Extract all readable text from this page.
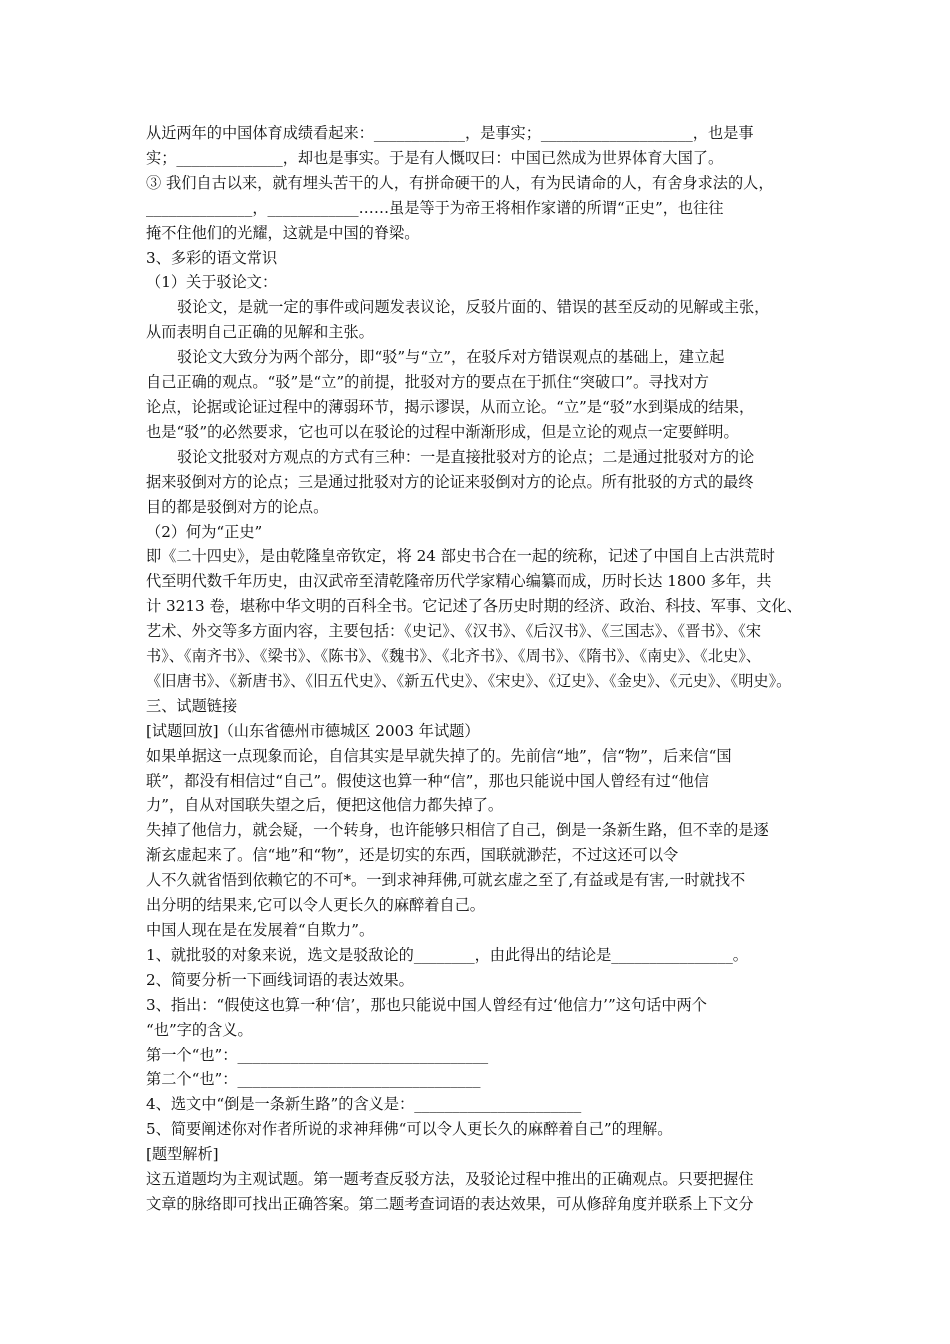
从近两年的中国体育成绩看起来：____________，是事实；____________________，也是事
实；______________，却也是事实。于是有人慨叹曰：中国已然成为世界体育大国了。
③ 我们自古以来，就有埋头苦干的人，有拼命硬干的人，有为民请命的人，有舍身求法的人，
______________，____________……虽是等于为帝王将相作家谱的所谓“正史”，也往往
掩不住他们的光耀，这就是中国的脊梁。
3、多彩的语文常识
（1）关于驳论文：
驳论文，是就一定的事件或问题发表议论，反驳片面的、错误的甚至反动的见解或主张，
从而表明自己正确的见解和主张。
驳论文大致分为两个部分，即“驳”与“立”，在驳斥对方错误观点的基础上，建立起
自己正确的观点。“驳”是“立”的前提，批驳对方的要点在于抓住“突破口”。寻找对方
论点，论据或论证过程中的薄弱环节，揭示谬误，从而立论。“立”是“驳”水到渠成的结果，
也是“驳”的必然要求，它也可以在驳论的过程中渐渐形成，但是立论的观点一定要鲜明。
驳论文批驳对方观点的方式有三种：一是直接批驳对方的论点；二是通过批驳对方的论
据来驳倒对方的论点；三是通过批驳对方的论证来驳倒对方的论点。所有批驳的方式的最终
目的都是驳倒对方的论点。
（2）何为“正史”
即《二十四史》，是由乾隆皇帝钦定，将 24 部史书合在一起的统称，记述了中国自上古洪荒时
代至明代数千年历史，由汉武帝至清乾隆帝历代学家精心编纂而成，历时长达 1800 多年，共
计 3213 卷，堪称中华文明的百科全书。它记述了各历史时期的经济、政治、科技、军事、文化、
艺术、外交等多方面内容，主要包括：《史记》、《汉书》、《后汉书》、《三国志》、《晋书》、《宋
书》、《南齐书》、《梁书》、《陈书》、《魏书》、《北齐书》、《周书》、《隋书》、《南史》、《北史》、
《旧唐书》、《新唐书》、《旧五代史》、《新五代史》、《宋史》、《辽史》、《金史》、《元史》、《明史》。
三、试题链接
[试题回放]（山东省德州市德城区 2003 年试题）
如果单据这一点现象而论，自信其实是早就失掉了的。先前信“地”，信“物”，后来信“国
联”，都没有相信过“自己”。假使这也算一种“信”，那也只能说中国人曾经有过“他信
力”，自从对国联失望之后，便把这他信力都失掉了。
失掉了他信力，就会疑，一个转身，也许能够只相信了自己，倒是一条新生路，但不幸的是逐
渐玄虚起来了。信“地”和“物”，还是切实的东西，国联就渺茫，不过这还可以令
人不久就省悟到依赖它的不可*。一到求神拜佛,可就玄虚之至了,有益或是有害,一时就找不
出分明的结果来,它可以令人更长久的麻醉着自己。
中国人现在是在发展着“自欺力”。
1、就批驳的对象来说，选文是驳敌论的________，由此得出的结论是________________。
2、简要分析一下画线词语的表达效果。
3、指出：“假使这也算一种‘信’，那也只能说中国人曾经有过‘他信力’”这句话中两个
“也”字的含义。
第一个“也”：_________________________________
第二个“也”：________________________________
4、选文中“倒是一条新生路”的含义是：______________________
5、简要阐述你对作者所说的求神拜佛“可以令人更长久的麻醉着自己”的理解。
[题型解析]
这五道题均为主观试题。第一题考查反驳方法，及驳论过程中推出的正确观点。只要把握住
文章的脉络即可找出正确答案。第二题考查词语的表达效果，可从修辞角度并联系上下文分
